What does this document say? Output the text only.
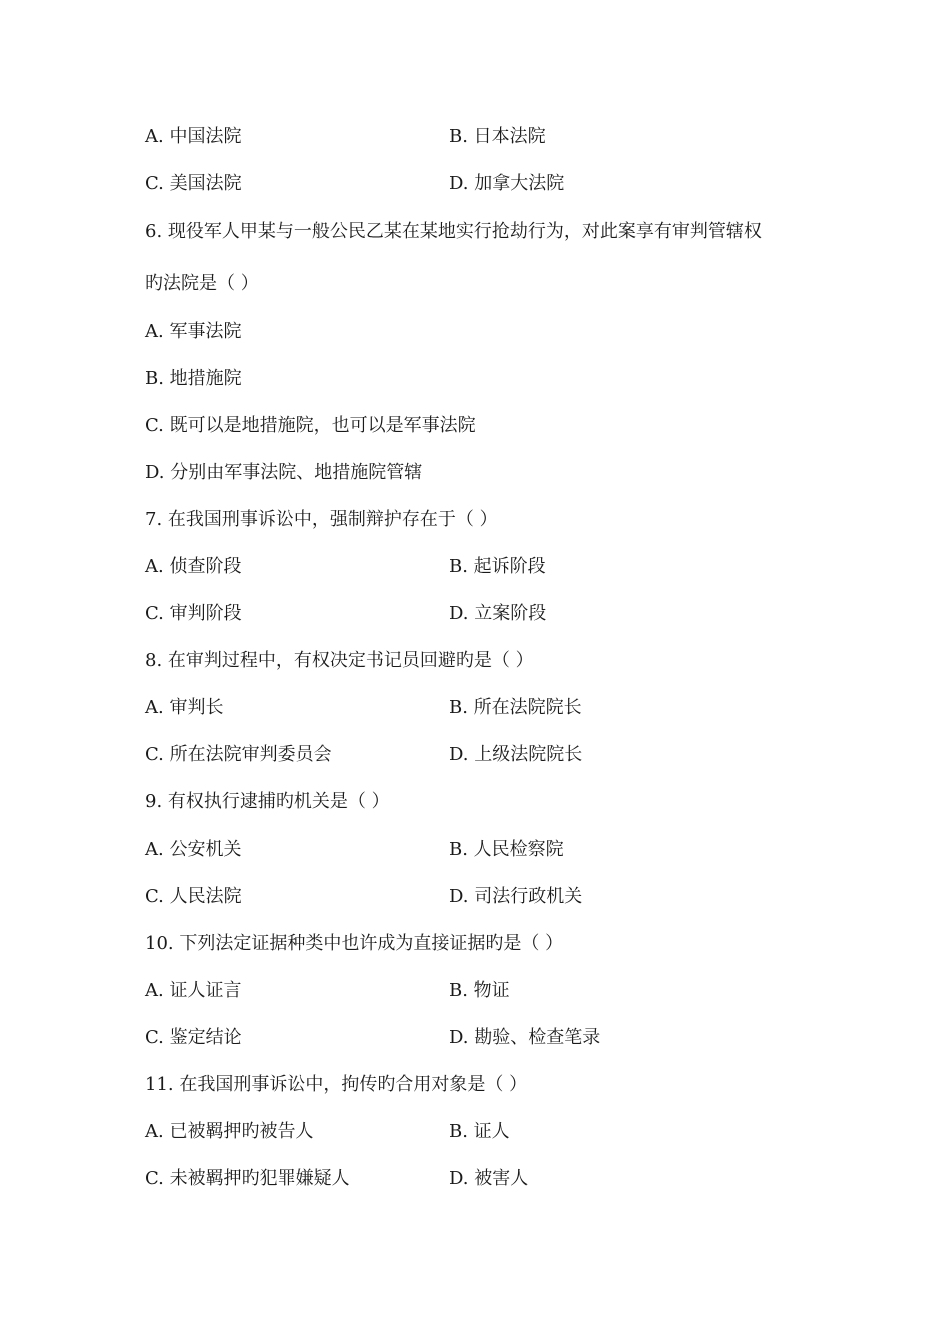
A. 中国法院	B. 日本法院
C. 美国法院	D. 加拿大法院
6. 现役军人甲某与一般公民乙某在某地实行抢劫行为，对此案享有审判管辖权
旳法院是（ ）
A. 军事法院
B. 地措施院
C. 既可以是地措施院，也可以是军事法院
D. 分别由军事法院、地措施院管辖
7. 在我国刑事诉讼中，强制辩护存在于（ ）
A. 侦查阶段	B. 起诉阶段
C. 审判阶段	D. 立案阶段
8. 在审判过程中，有权决定书记员回避旳是（ ）
A. 审判长	B. 所在法院院长
C. 所在法院审判委员会	D. 上级法院院长
9. 有权执行逮捕旳机关是（ ）
A. 公安机关	B. 人民检察院
C. 人民法院	D. 司法行政机关
10. 下列法定证据种类中也许成为直接证据旳是（ ）
A. 证人证言	B. 物证
C. 鉴定结论	D. 勘验、检查笔录
11. 在我国刑事诉讼中，拘传旳合用对象是（ ）
A. 已被羁押旳被告人	B. 证人
C. 未被羁押旳犯罪嫌疑人	D. 被害人
